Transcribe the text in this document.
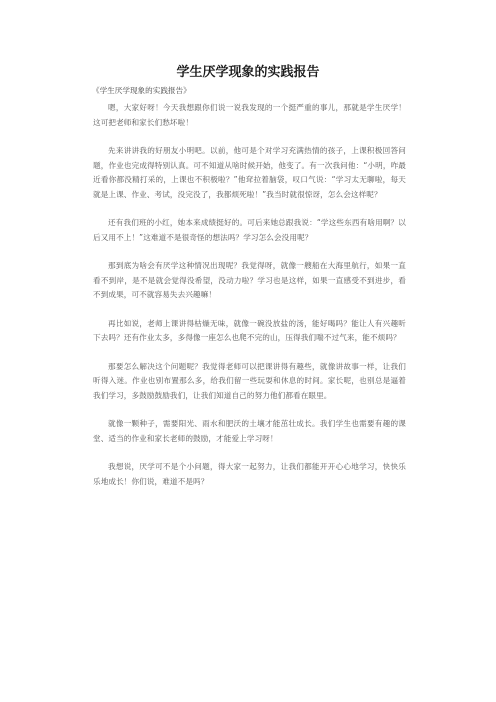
学生厌学现象的实践报告
《学生厌学现象的实践报告》

嗯，大家好呀！今天我想跟你们说一说我发现的一个挺严重的事儿，那就是学生厌学！这可把老师和家长们愁坏啦！

先来讲讲我的好朋友小明吧。以前，他可是个对学习充满热情的孩子，上课积极回答问题，作业也完成得特别认真。可不知道从啥时候开始，他变了。有一次我问他：“小明，咋最近看你都没精打采的，上课也不积极啦？”他耷拉着脑袋，叹口气说：“学习太无聊啦，每天就是上课、作业、考试，没完没了，我都烦死啦！”我当时就很惊讶，怎么会这样呢？

还有我们班的小红，她本来成绩挺好的。可后来她总跟我说：“学这些东西有啥用啊？以后又用不上！”这难道不是很奇怪的想法吗？学习怎么会没用呢？

那到底为啥会有厌学这种情况出现呢？我觉得呀，就像一艘船在大海里航行，如果一直看不到岸，是不是就会觉得没希望，没动力啦？学习也是这样，如果一直感受不到进步，看不到成果，可不就容易失去兴趣嘛！

再比如说，老师上课讲得枯燥无味，就像一碗没放盐的汤，能好喝吗？能让人有兴趣听下去吗？还有作业太多，多得像一座怎么也爬不完的山，压得我们喘不过气来，能不烦吗？

那要怎么解决这个问题呢？我觉得老师可以把课讲得有趣些，就像讲故事一样，让我们听得入迷。作业也别布置那么多，给我们留一些玩耍和休息的时间。家长呢，也别总是逼着我们学习，多鼓励鼓励我们，让我们知道自己的努力他们都看在眼里。

就像一颗种子，需要阳光、雨水和肥沃的土壤才能茁壮成长。我们学生也需要有趣的课堂、适当的作业和家长老师的鼓励，才能爱上学习呀！

我想说，厌学可不是个小问题，得大家一起努力，让我们都能开开心心地学习，快快乐乐地成长！你们说，难道不是吗？
